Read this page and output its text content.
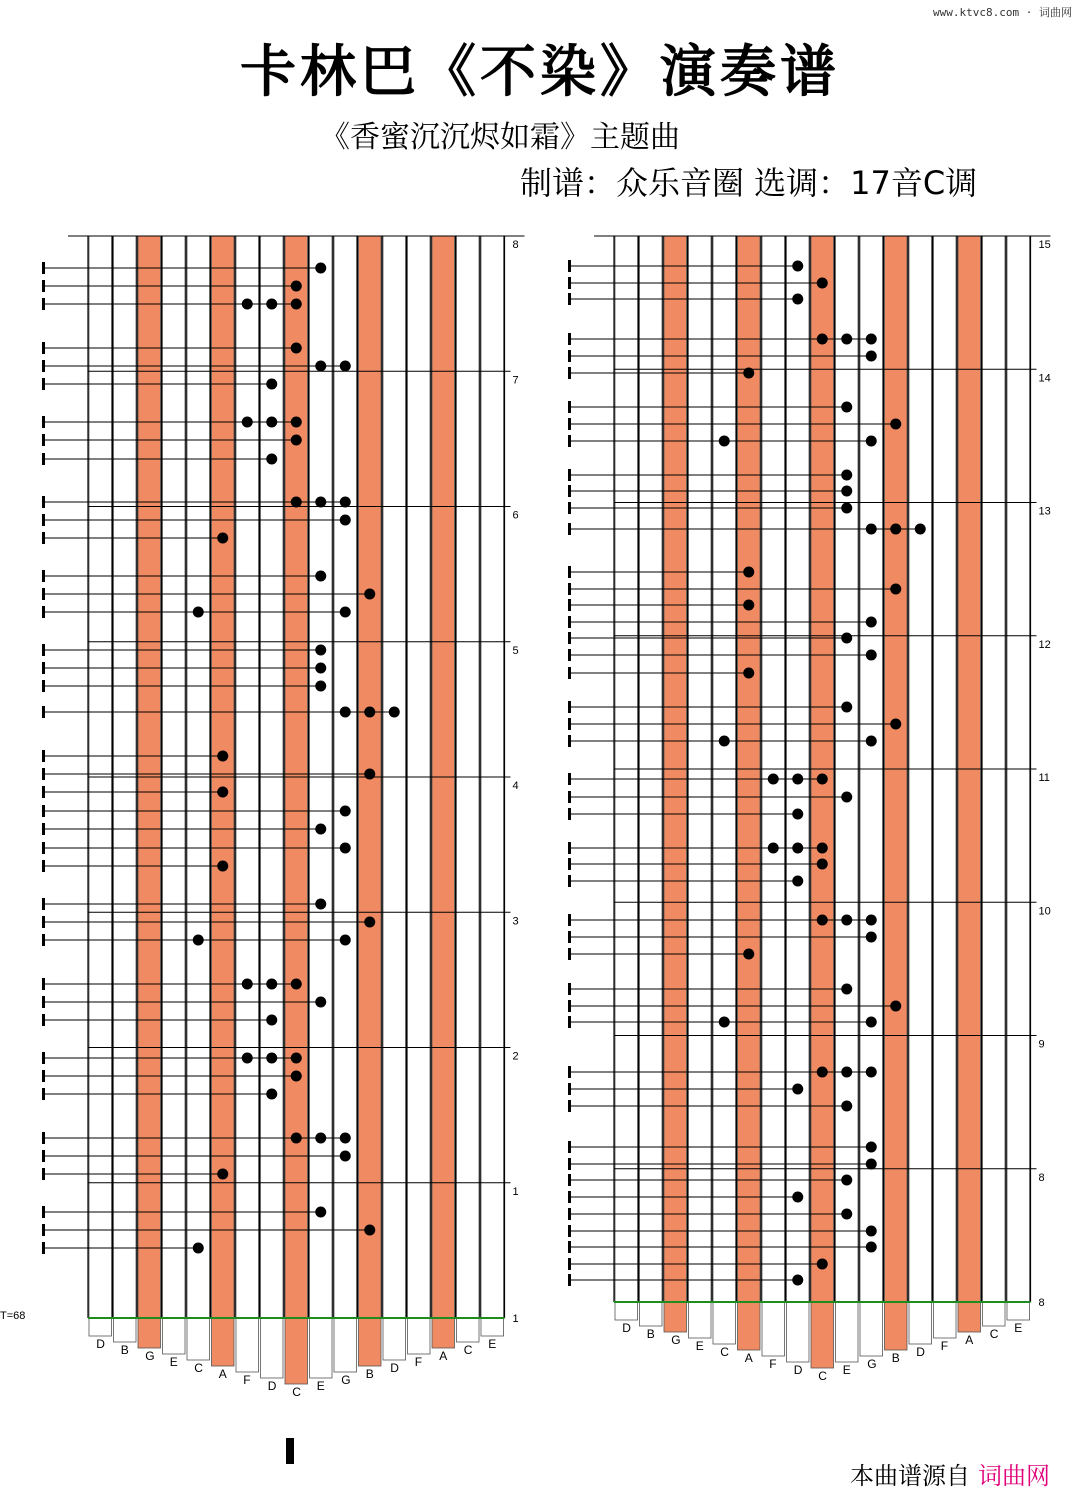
www.ktvc8.com · 词曲网
卡林巴《不染》演奏谱
《香蜜沉沉烬如霜》主题曲
制谱：众乐音圈 选调：17音C调
T=68
8
7
6
5
4
3
2
1
1
D B G E C A F D C E G B D F A C E
15
14
13
12
11
10
9
8
8
D B G E C A F D C E G B D F A C E
本曲谱源自 词曲网
